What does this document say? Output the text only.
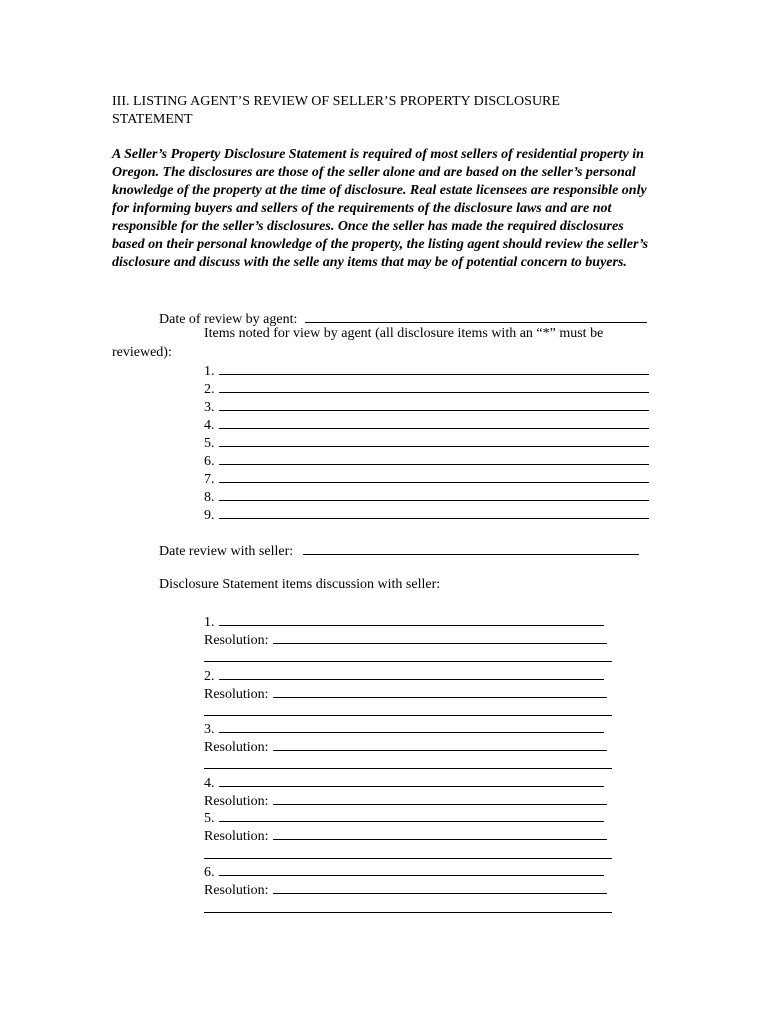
III. LISTING AGENT’S REVIEW OF SELLER’S PROPERTY DISCLOSURE STATEMENT
A Seller’s Property Disclosure Statement is required of most sellers of residential property in Oregon. The disclosures are those of the seller alone and are based on the seller’s personal knowledge of the property at the time of disclosure. Real estate licensees are responsible only for informing buyers and sellers of the requirements of the disclosure laws and are not responsible for the seller’s disclosures. Once the seller has made the required disclosures based on their personal knowledge of the property, the listing agent should review the seller’s disclosure and discuss with the selle any items that may be of potential concern to buyers.
Date of review by agent:
Items noted for view by agent (all disclosure items with an “*” must be
reviewed):
1.
2.
3.
4.
5.
6.
7.
8.
9.
Date review with seller:
Disclosure Statement items discussion with seller:
1.
Resolution:
2.
Resolution:
3.
Resolution:
4.
Resolution:
5.
Resolution:
6.
Resolution:
